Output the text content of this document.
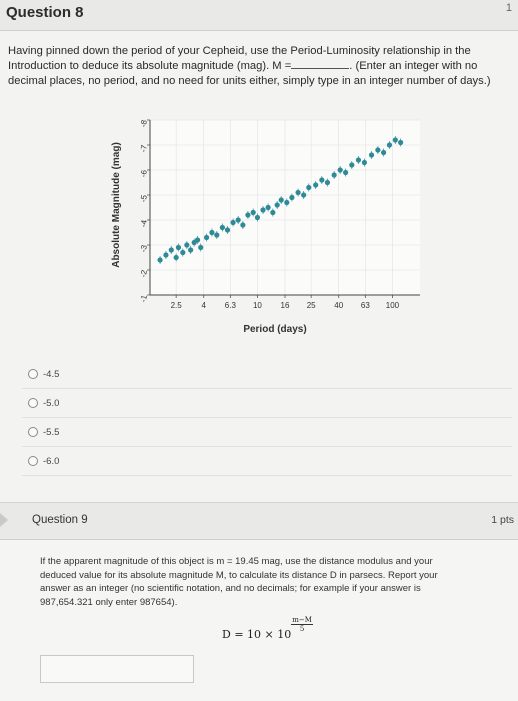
Question 8	1
Having pinned down the period of your Cepheid, use the Period-Luminosity relationship in the
Introduction to deduce its absolute magnitude (mag). M =	. (Enter an integer with no
decimal places, no period, and no need for units either, simply type in an integer number of days.)
-8
-7
-6
-5
-4
-3
-2
-1
2.5 4 6.3 10 16 25 40 63 100
Absolute Magnitude (mag)
Period (days)
-4.5
-5.0
-5.5
-6.0
Question 9	1 pts
If the apparent magnitude of this object is m = 19.45 mag, use the distance modulus and your
deduced value for its absolute magnitude M, to calculate its distance D in parsecs. Report your
answer as an integer (no scientific notation, and no decimals; for example if your answer is
987,654.321 only enter 987654).
D = 10 × 10
$\frac{m-M}{5}$
